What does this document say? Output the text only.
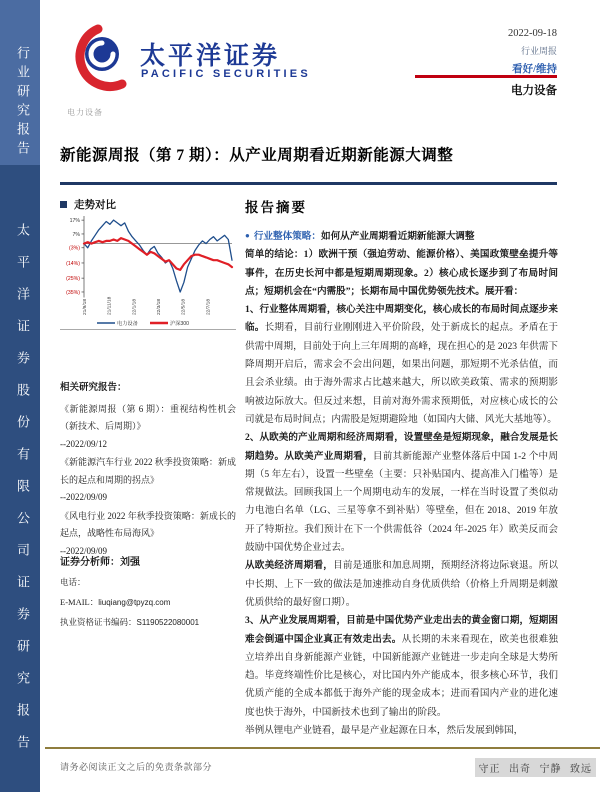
行业研究报告
太平洋证券股份有限公司证券研究报告
太平洋证券
PACIFIC SECURITIES
2022-09-18
行业周报
看好/维持
电力设备
电力设备
新能源周报（第 7 期）：从产业周期看近期新能源大调整
走势对比
17%
7%
(3%)
(14%)
(25%)
(35%)
21/9/18	21/11/18	22/1/18	22/3/18	22/5/18	22/7/18
电力设备	沪深300
相关研究报告：
《新能源周报（第 6 期）：重视结构性机会（新技术、后周期）》
--2022/09/12
《新能源汽车行业 2022 秋季投资策略：新成长的起点和周期的拐点》
--2022/09/09
《风电行业 2022 年秋季投资策略：新成长的起点，战略性布局海风》
--2022/09/09
证券分析师：刘强
电话：
E-MAIL：liuqiang@tpyzq.com
执业资格证书编码：S1190522080001
报告摘要
● 行业整体策略：如何从产业周期看近期新能源大调整
简单的结论：1）欧洲干预（强迫劳动、能源价格）、美国政策壁垒提升等事件，在历史长河中都是短期周期现象。2）核心成长逐步到了布局时间点；短期机会在“内需股”；长期布局中国优势领先技术。展开看：
1、行业整体周期看，核心关注中周期变化，核心成长的布局时间点逐步来临。长期看，目前行业刚刚进入平价阶段，处于新成长的起点。矛盾在于供需中周期，目前处于向上三年周期的高峰，现在担心的是 2023 年供需下降周期开启后，需求会不会出问题，如果出问题，那短期不光杀估值，而且会杀业绩。由于海外需求占比越来越大，所以欧美政策、需求的预期影响被边际放大。但反过来想，目前对海外需求预期低，对应核心成长的公司就是布局时间点；内需股是短期避险地（如国内大储、风光大基地等）。
2、从欧美的产业周期和经济周期看，设置壁垒是短期现象，融合发展是长期趋势。从欧美产业周期看，目前其新能源产业整体落后中国 1-2 个中周期（5 年左右），设置一些壁垒（主要：只补贴国内、提高准入门槛等）是常规做法。回顾我国上一个周期电动车的发展，一样在当时设置了类似动力电池白名单（LG、三星等拿不到补贴）等壁垒，但在 2018、2019 年放开了特斯拉。我们预计在下一个供需低谷（2024 年-2025 年）欧美反而会鼓励中国优势企业过去。
从欧美经济周期看，目前是通胀和加息周期，预期经济将边际衰退。所以中长期、上下一致的做法是加速推动自身优质供给（价格上升周期是刺激优质供给的最好窗口期）。
3、从产业发展周期看，目前是中国优势产业走出去的黄金窗口期，短期困难会倒逼中国企业真正有效走出去。从长期的未来看现在，欧美也很难独立培养出自身新能源产业链，中国新能源产业链进一步走向全球是大势所趋。毕竟终端性价比是核心，对比国内外产能成本，很多核心环节，我们优质产能的全成本都低于海外产能的现金成本；进而看国内产业的进化速度也快于海外，中国新技术也到了输出的阶段。
举例从锂电产业链看，最早是产业起源在日本，然后发展到韩国，
请务必阅读正文之后的免责条款部分	守正 出奇 宁静 致远
